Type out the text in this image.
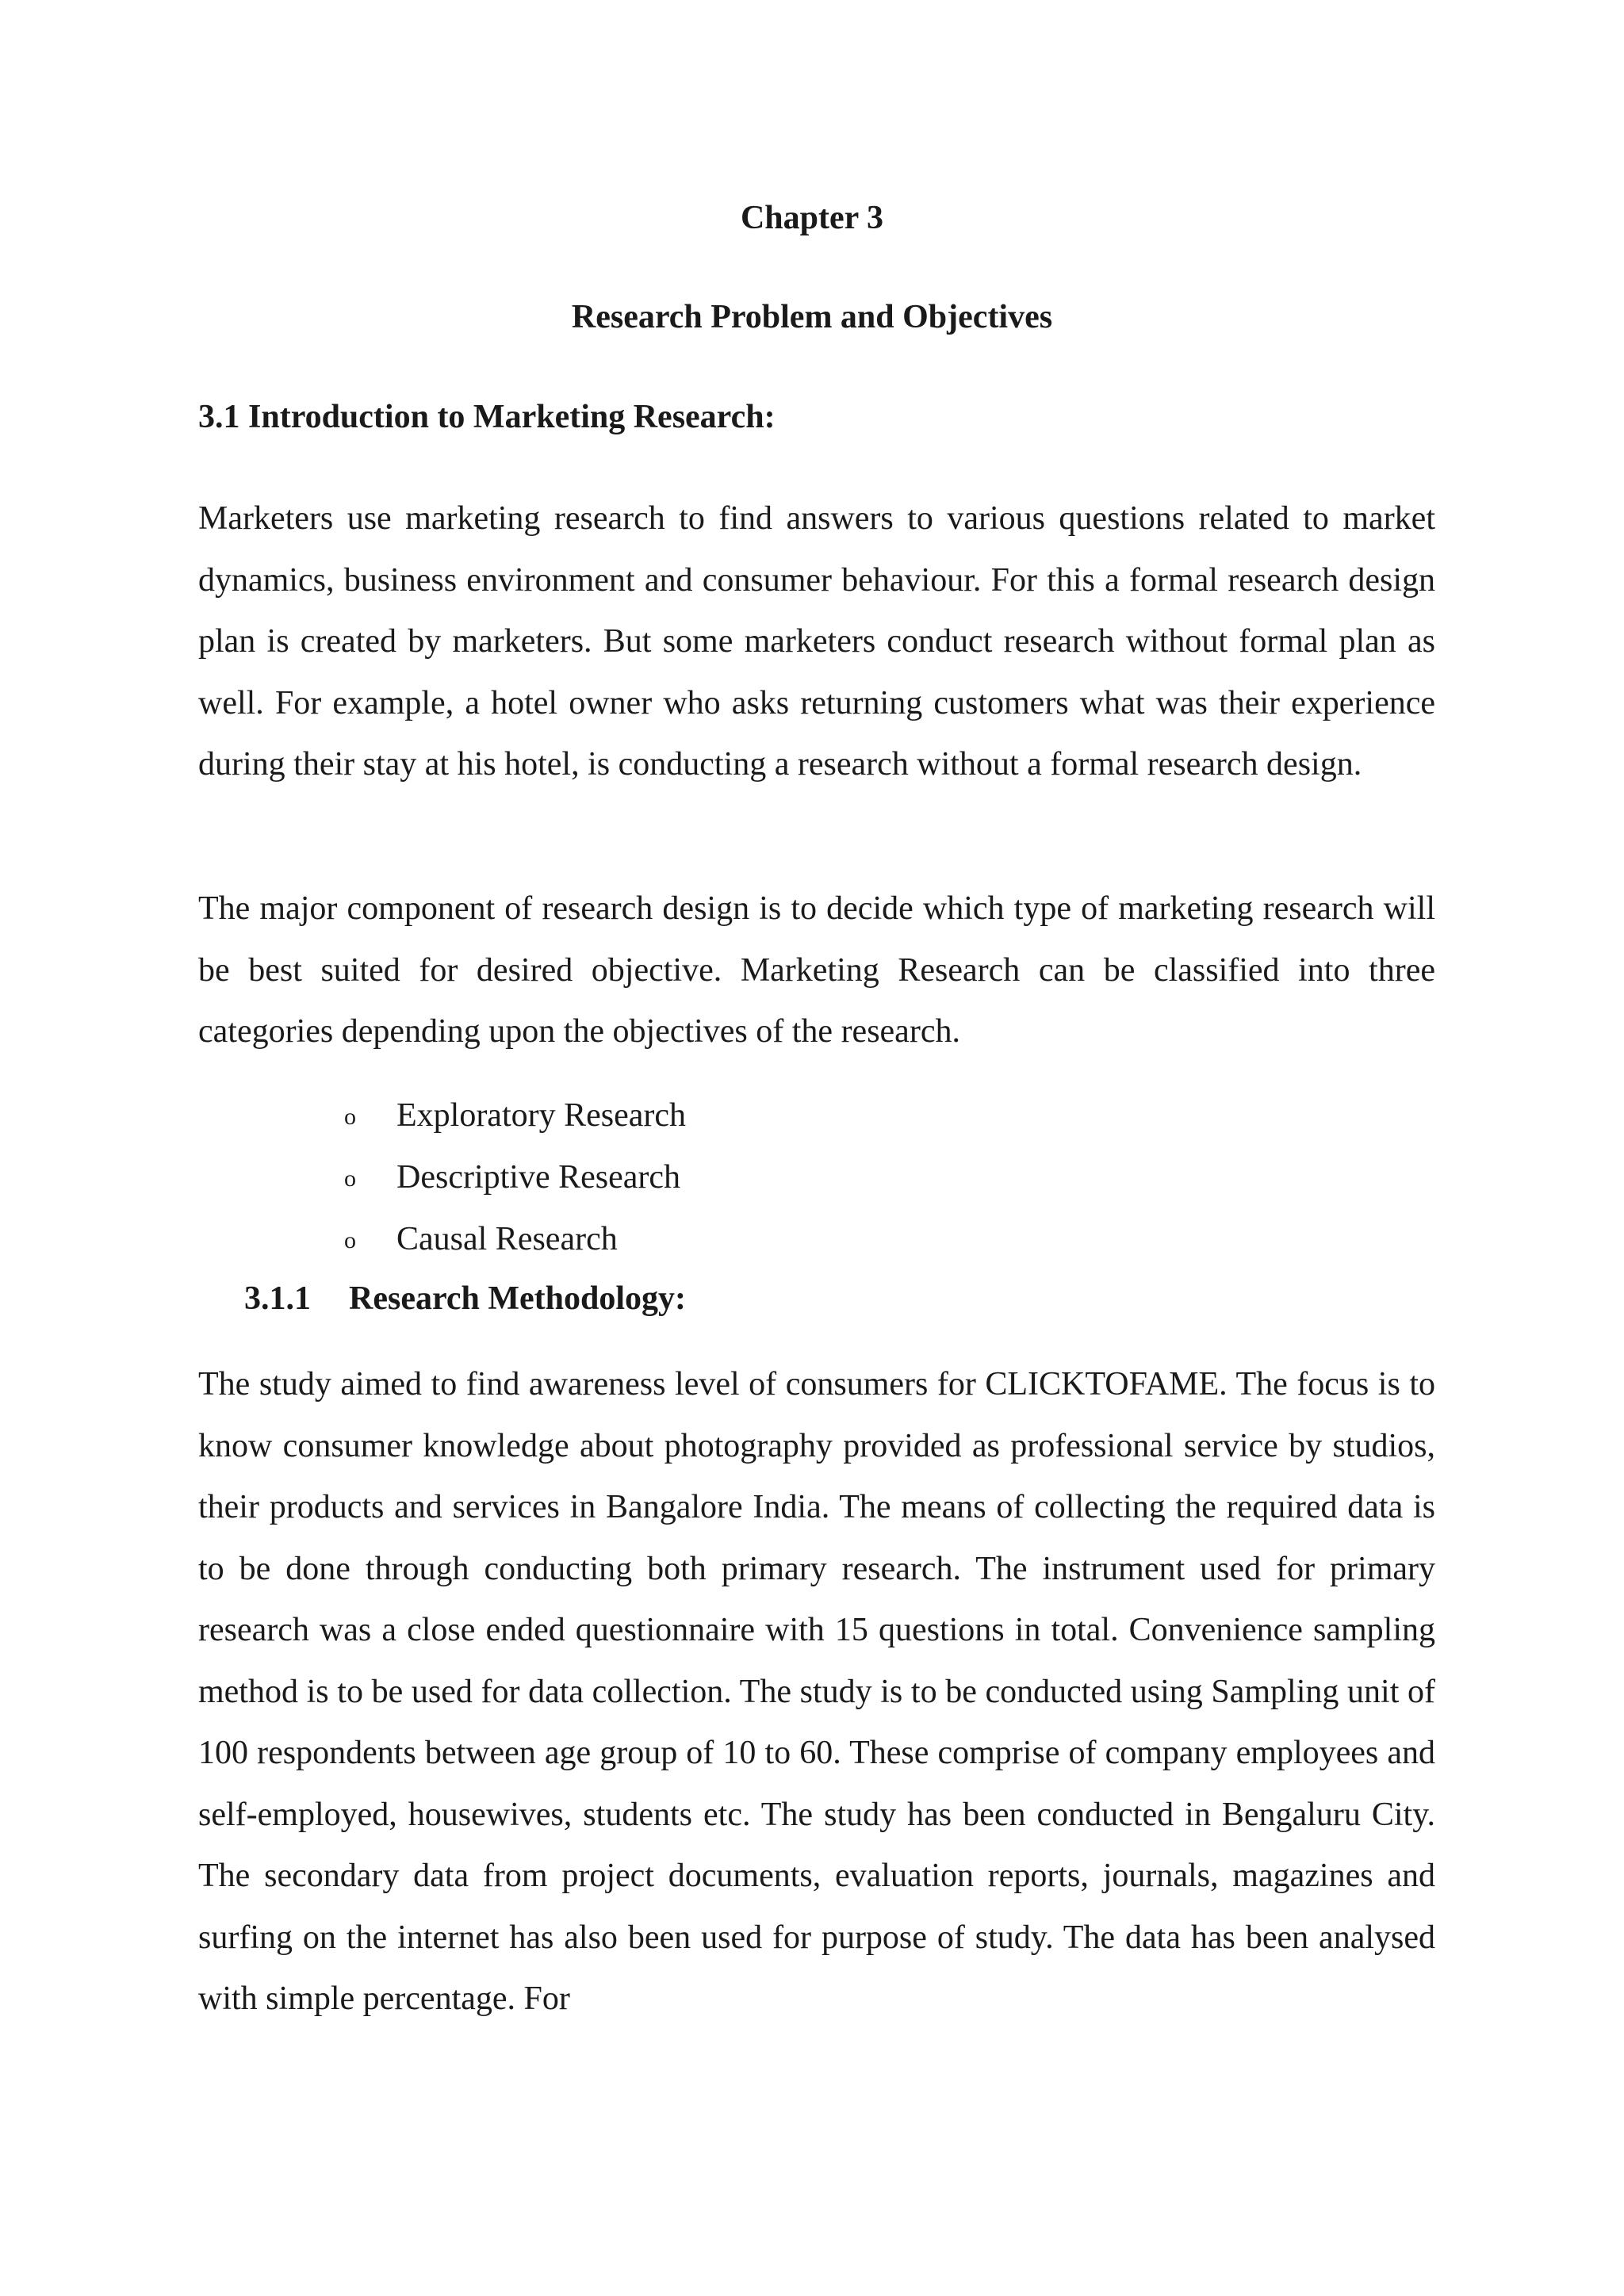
Chapter 3
Research Problem and Objectives
3.1 Introduction to Marketing Research:

Marketers use marketing research to find answers to various questions related to market dynamics, business environment and consumer behaviour. For this a formal research design plan is created by marketers. But some marketers conduct research without formal plan as well. For example, a hotel owner who asks returning customers what was their experience during their stay at his hotel, is conducting a research without a formal research design.

The major component of research design is to decide which type of marketing research will be best suited for desired objective. Marketing Research can be classified into three categories depending upon the objectives of the research.

o Exploratory Research
o Descriptive Research
o Causal Research
3.1.1 Research Methodology:

The study aimed to find awareness level of consumers for CLICKTOFAME. The focus is to know consumer knowledge about photography provided as professional service by studios, their products and services in Bangalore India. The means of collecting the required data is to be done through conducting both primary research. The instrument used for primary research was a close ended questionnaire with 15 questions in total. Convenience sampling method is to be used for data collection. The study is to be conducted using Sampling unit of 100 respondents between age group of 10 to 60. These comprise of company employees and self-employed, housewives, students etc. The study has been conducted in Bengaluru City. The secondary data from project documents, evaluation reports, journals, magazines and surfing on the internet has also been used for purpose of study. The data has been analysed with simple percentage. For
